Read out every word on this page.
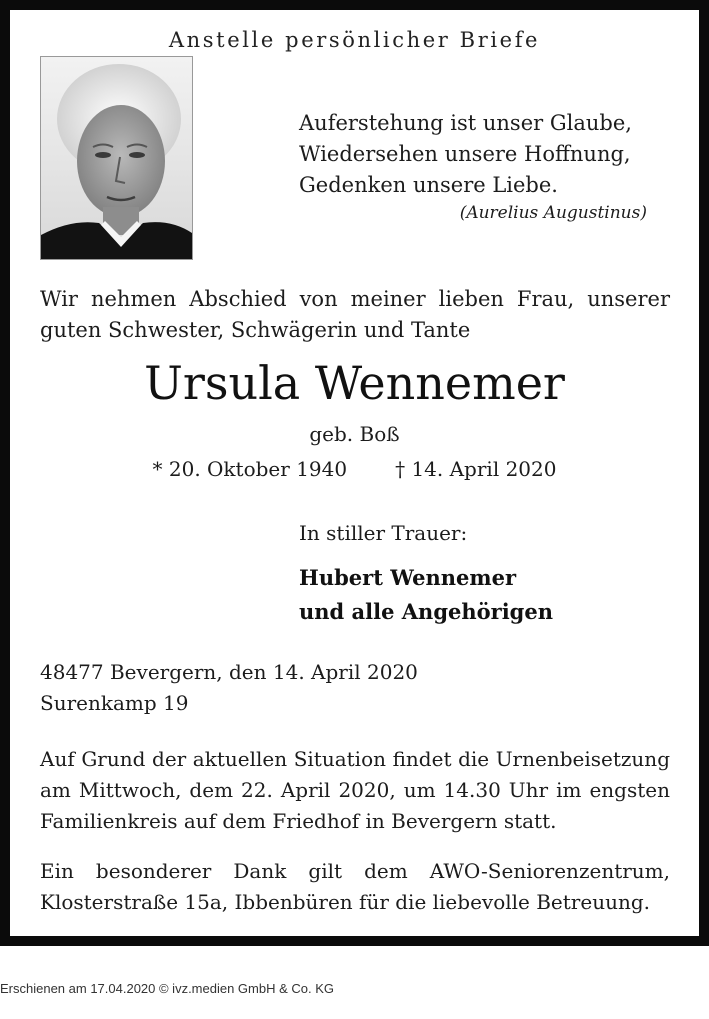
Anstelle persönlicher Briefe
Auferstehung ist unser Glaube,
Wiedersehen unsere Hoffnung,
Gedenken unsere Liebe.
(Aurelius Augustinus)
Wir nehmen Abschied von meiner lieben Frau, unserer guten Schwester, Schwägerin und Tante
Ursula Wennemer
geb. Boß
* 20. Oktober 1940 † 14. April 2020
In stiller Trauer:
Hubert Wennemer
und alle Angehörigen
48477 Bevergern, den 14. April 2020
Surenkamp 19
Auf Grund der aktuellen Situation findet die Urnenbeisetzung am Mittwoch, dem 22. April 2020, um 14.30 Uhr im engsten Familienkreis auf dem Friedhof in Bevergern statt.
Ein besonderer Dank gilt dem AWO-Seniorenzentrum, Klosterstraße 15a, Ibbenbüren für die liebevolle Betreuung.
Erschienen am 17.04.2020 © ivz.medien GmbH & Co. KG
